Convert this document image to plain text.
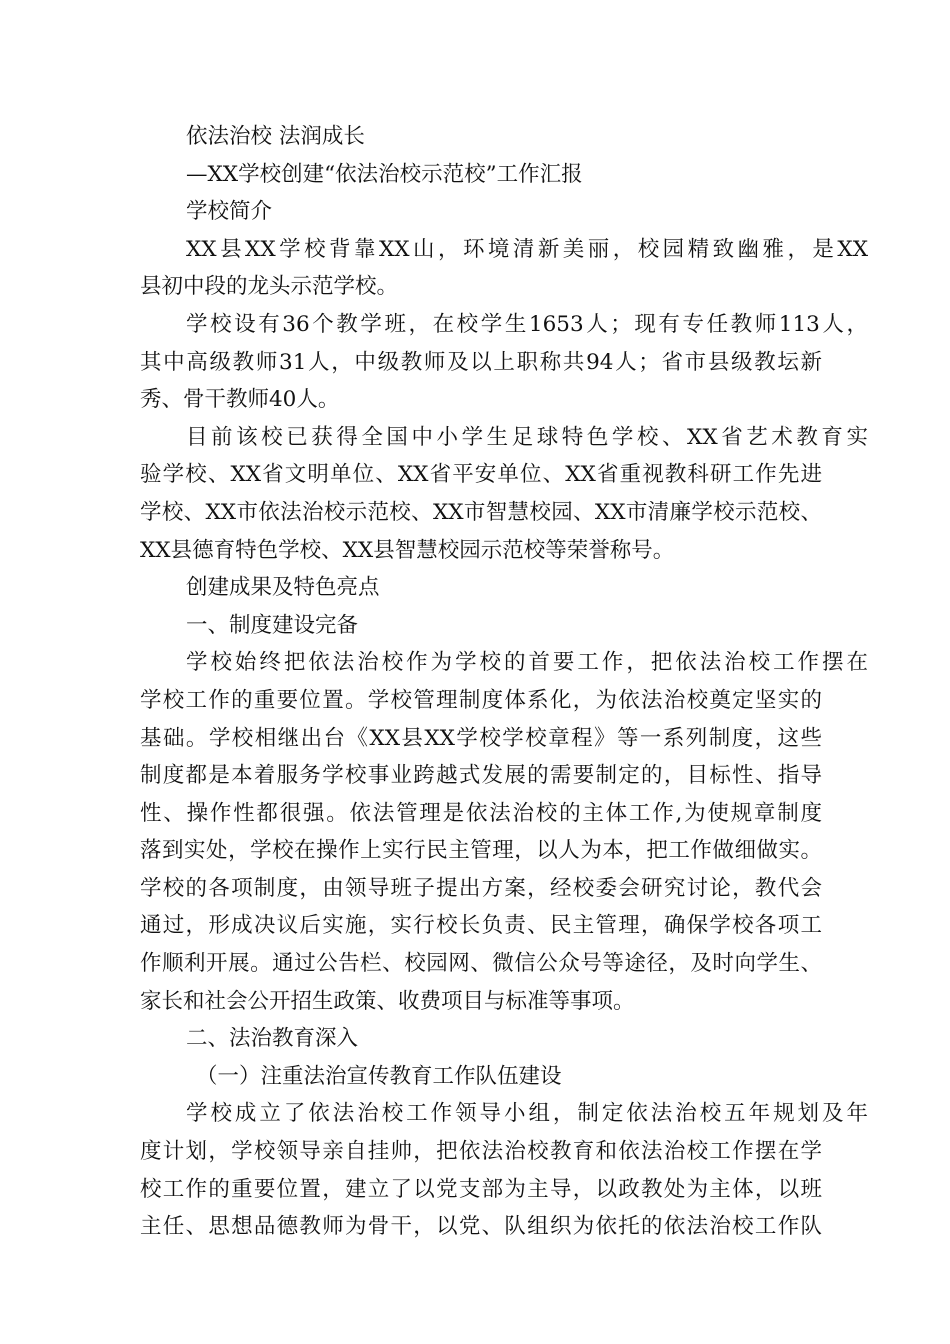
依法治校 法润成长
—XX学校创建“依法治校示范校”工作汇报
学校简介
XX县XX学校背靠XX山，环境清新美丽，校园精致幽雅，是XX
县初中段的龙头示范学校。
学校设有36个教学班，在校学生1653人；现有专任教师113人，
其中高级教师31人，中级教师及以上职称共94人；省市县级教坛新
秀、骨干教师40人。
目前该校已获得全国中小学生足球特色学校、XX省艺术教育实
验学校、XX省文明单位、XX省平安单位、XX省重视教科研工作先进
学校、XX市依法治校示范校、XX市智慧校园、XX市清廉学校示范校、
XX县德育特色学校、XX县智慧校园示范校等荣誉称号。
创建成果及特色亮点
一、制度建设完备
学校始终把依法治校作为学校的首要工作，把依法治校工作摆在
学校工作的重要位置。学校管理制度体系化，为依法治校奠定坚实的
基础。学校相继出台《XX县XX学校学校章程》等一系列制度，这些
制度都是本着服务学校事业跨越式发展的需要制定的，目标性、指导
性、操作性都很强。依法管理是依法治校的主体工作,为使规章制度
落到实处，学校在操作上实行民主管理，以人为本，把工作做细做实。
学校的各项制度，由领导班子提出方案，经校委会研究讨论，教代会
通过，形成决议后实施，实行校长负责、民主管理，确保学校各项工
作顺利开展。通过公告栏、校园网、微信公众号等途径，及时向学生、
家长和社会公开招生政策、收费项目与标准等事项。
二、法治教育深入
（一）注重法治宣传教育工作队伍建设
学校成立了依法治校工作领导小组，制定依法治校五年规划及年
度计划，学校领导亲自挂帅，把依法治校教育和依法治校工作摆在学
校工作的重要位置，建立了以党支部为主导，以政教处为主体，以班
主任、思想品德教师为骨干，以党、队组织为依托的依法治校工作队
